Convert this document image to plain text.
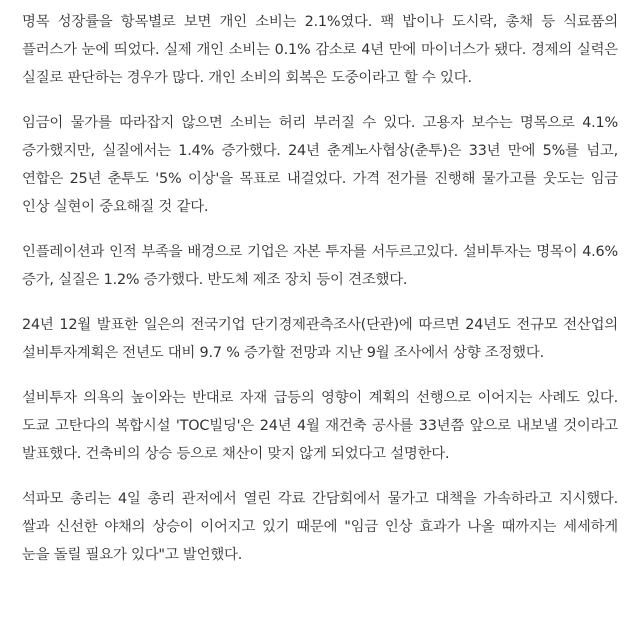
명목 성장률을 항목별로 보면 개인 소비는 2.1%였다. 팩 밥이나 도시락, 총채 등 식료품의 플러스가 눈에 띄었다. 실제 개인 소비는 0.1% 감소로 4년 만에 마이너스가 됐다. 경제의 실력은 실질로 판단하는 경우가 많다. 개인 소비의 회복은 도중이라고 할 수 있다.

임금이 물가를 따라잡지 않으면 소비는 허리 부러질 수 있다. 고용자 보수는 명목으로 4.1% 증가했지만, 실질에서는 1.4% 증가했다. 24년 춘계노사협상(춘투)은 33년 만에 5%를 넘고, 연합은 25년 춘투도 '5% 이상'을 목표로 내걸었다. 가격 전가를 진행해 물가고를 웃도는 임금 인상 실현이 중요해질 것 같다.

인플레이션과 인적 부족을 배경으로 기업은 자본 투자를 서두르고있다. 설비투자는 명목이 4.6% 증가, 실질은 1.2% 증가했다. 반도체 제조 장치 등이 견조했다.

24년 12월 발표한 일은의 전국기업 단기경제관측조사(단관)에 따르면 24년도 전규모 전산업의 설비투자계획은 전년도 대비 9.7 % 증가할 전망과 지난 9월 조사에서 상향 조정했다.

설비투자 의욕의 높이와는 반대로 자재 급등의 영향이 계획의 선행으로 이어지는 사례도 있다. 도쿄 고탄다의 복합시설 'TOC빌딩'은 24년 4월 재건축 공사를 33년쯤 앞으로 내보낼 것이라고 발표했다. 건축비의 상승 등으로 채산이 맞지 않게 되었다고 설명한다.

석파모 총리는 4일 총리 관저에서 열린 각료 간담회에서 물가고 대책을 가속하라고 지시했다. 쌀과 신선한 야채의 상승이 이어지고 있기 때문에 "임금 인상 효과가 나올 때까지는 세세하게 눈을 돌릴 필요가 있다"고 발언했다.
